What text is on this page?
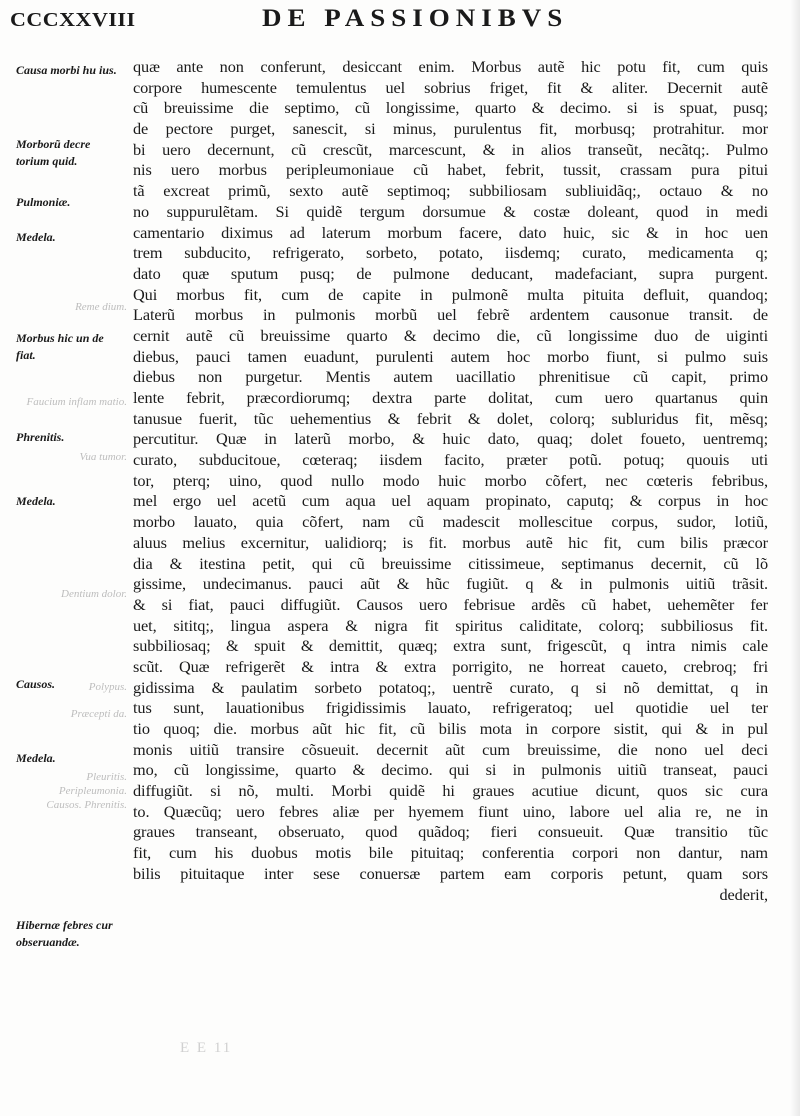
CCCXXVIII	DE PASSIONIBVS
Causa morbi hu ius.
Morborũ decre torium quid.
Pulmoniæ.
Medela.
Morbus hic un de fiat.
Phrenitis.
Medela.
Causos.
Medela.
Hibernæ febres cur obseruandæ.
Reme dium.
Faucium inflam matio.
Vua tumor.
Dentium dolor.
Polypus.
Præcepti da.
Pleuritis. Peripleumonia. Causos. Phrenitis.
E E 11
quæ ante non conferunt, desiccant enim. Morbus autẽ hic potu fit, cum quis
corpore humescente temulentus uel sobrius friget, fit & aliter. Decernit autẽ
cũ breuissime die septimo, cũ longissime, quarto & decimo. si is spuat, pusq;
de pectore purget, sanescit, si minus, purulentus fit, morbusq; protrahitur. mor
bi uero decernunt, cũ crescũt, marcescunt, & in alios transeũt, necãtq;. Pulmo
nis uero morbus peripleumoniaue cũ habet, febrit, tussit, crassam pura pitui
tã excreat primũ, sexto autẽ septimoq; subbiliosam subliuidãq;, octauo & no
no suppurulẽtam. Si quidẽ tergum dorsumue & costæ doleant, quod in medi
camentario diximus ad laterum morbum facere, dato huic, sic & in hoc uen
trem subducito, refrigerato, sorbeto, potato, iisdemq; curato, medicamenta q;
dato quæ sputum pusq; de pulmone deducant, madefaciant, supra purgent.
Qui morbus fit, cum de capite in pulmonẽ multa pituita defluit, quandoq;
Laterũ morbus in pulmonis morbũ uel febrẽ ardentem causonue transit. de
cernit autẽ cũ breuissime quarto & decimo die, cũ longissime duo de uiginti
diebus, pauci tamen euadunt, purulenti autem hoc morbo fiunt, si pulmo suis
diebus non purgetur. Mentis autem uacillatio phrenitisue cũ capit, primo
lente febrit, præcordiorumq; dextra parte dolitat, cum uero quartanus quin
tanusue fuerit, tũc uehementius & febrit & dolet, colorq; subluridus fit, mẽsq;
percutitur. Quæ in laterũ morbo, & huic dato, quaq; dolet foueto, uentremq;
curato, subducitoue, cœteraq; iisdem facito, præter potũ. potuq; quouis uti
tor, pterq; uino, quod nullo modo huic morbo cõfert, nec cœteris febribus,
mel ergo uel acetũ cum aqua uel aquam propinato, caputq; & corpus in hoc
morbo lauato, quia cõfert, nam cũ madescit mollescitue corpus, sudor, lotiũ,
aluus melius excernitur, ualidiorq; is fit. morbus autẽ hic fit, cum bilis præcor
dia & itestina petit, qui cũ breuissime citissimeue, septimanus decernit, cũ lõ
gissime, undecimanus. pauci aũt & hũc fugiũt. q & in pulmonis uitiũ trãsit.
& si fiat, pauci diffugiũt. Causos uero febrisue ardẽs cũ habet, uehemẽter fer
uet, sititq;, lingua aspera & nigra fit spiritus caliditate, colorq; subbiliosus fit.
subbiliosaq; & spuit & demittit, quæq; extra sunt, frigescũt, q intra nimis cale
scũt. Quæ refrigerẽt & intra & extra porrigito, ne horreat caueto, crebroq; fri
gidissima & paulatim sorbeto potatoq;, uentrẽ curato, q si nõ demittat, q in
tus sunt, lauationibus frigidissimis lauato, refrigeratoq; uel quotidie uel ter
tio quoq; die. morbus aũt hic fit, cũ bilis mota in corpore sistit, qui & in pul
monis uitiũ transire cõsueuit. decernit aũt cum breuissime, die nono uel deci
mo, cũ longissime, quarto & decimo. qui si in pulmonis uitiũ transeat, pauci
diffugiũt. si nõ, multi. Morbi quidẽ hi graues acutiue dicunt, quos sic cura
to. Quæcũq; uero febres aliæ per hyemem fiunt uino, labore uel alia re, ne in
graues transeant, obseruato, quod quãdoq; fieri consueuit. Quæ transitio tũc
fit, cum his duobus motis bile pituitaq; conferentia corpori non dantur, nam
bilis pituitaque inter sese conuersæ partem eam corporis petunt, quam sors
dederit,
